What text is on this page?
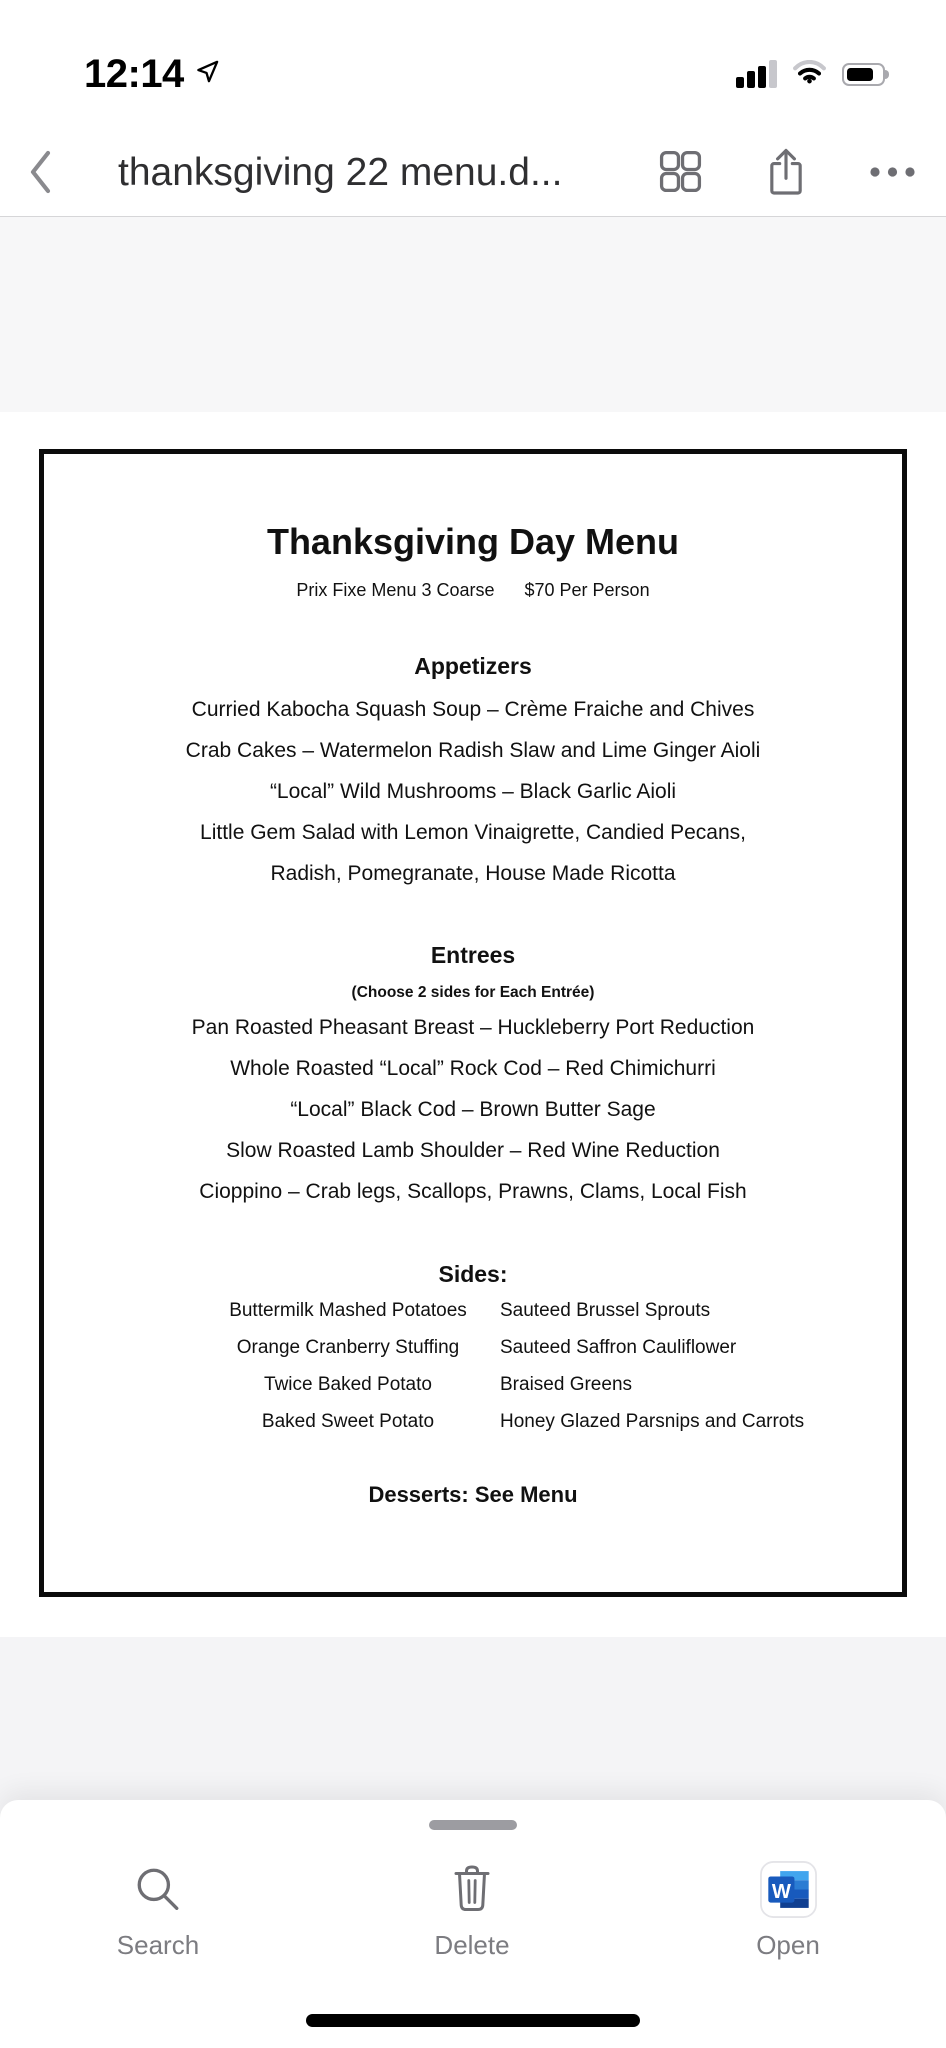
12:14
thanksgiving 22 menu.d...
Thanksgiving Day Menu
Prix Fixe Menu 3 Coarse $70 Per Person
Appetizers
Curried Kabocha Squash Soup – Crème Fraiche and Chives
Crab Cakes – Watermelon Radish Slaw and Lime Ginger Aioli
“Local” Wild Mushrooms – Black Garlic Aioli
Little Gem Salad with Lemon Vinaigrette, Candied Pecans, Radish, Pomegranate, House Made Ricotta
Entrees
(Choose 2 sides for Each Entrée)
Pan Roasted Pheasant Breast – Huckleberry Port Reduction
Whole Roasted “Local” Rock Cod – Red Chimichurri
“Local” Black Cod – Brown Butter Sage
Slow Roasted Lamb Shoulder – Red Wine Reduction
Cioppino – Crab legs, Scallops, Prawns, Clams, Local Fish
Sides:
Buttermilk Mashed Potatoes	Sauteed Brussel Sprouts
Orange Cranberry Stuffing	Sauteed Saffron Cauliflower
Twice Baked Potato	Braised Greens
Baked Sweet Potato	Honey Glazed Parsnips and Carrots
Desserts: See Menu
Search	Delete
W
Open
